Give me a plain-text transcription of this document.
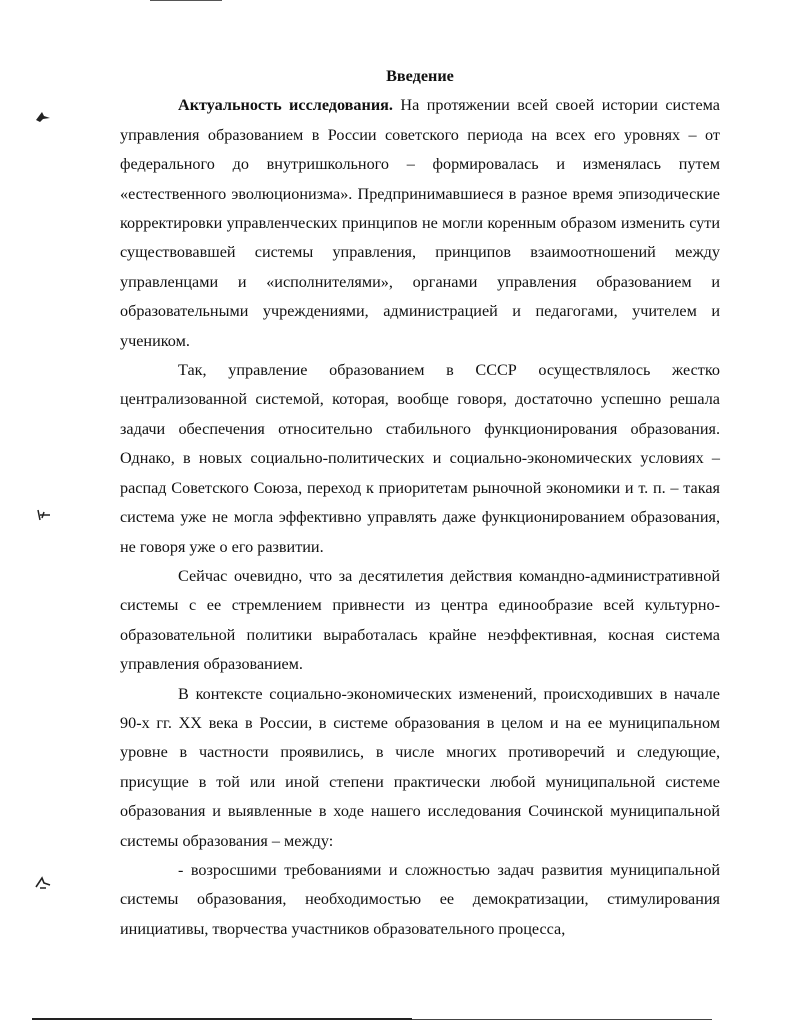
Введение

Актуальность исследования. На протяжении всей своей истории система управления образованием в России советского периода на всех его уровнях – от федерального до внутришкольного – формировалась и изменялась путем «естественного эволюционизма». Предпринимавшиеся в разное время эпизодические корректировки управленческих принципов не могли коренным образом изменить сути существовавшей системы управления, принципов взаимоотношений между управленцами и «исполнителями», органами управления образованием и образовательными учреждениями, администрацией и педагогами, учителем и учеником.

Так, управление образованием в СССР осуществлялось жестко централизованной системой, которая, вообще говоря, достаточно успешно решала задачи обеспечения относительно стабильного функционирования образования. Однако, в новых социально-политических и социально-экономических условиях – распад Советского Союза, переход к приоритетам рыночной экономики и т. п. – такая система уже не могла эффективно управлять даже функционированием образования, не говоря уже о его развитии.

Сейчас очевидно, что за десятилетия действия командно-административной системы с ее стремлением привнести из центра единообразие всей культурно-образовательной политики выработалась крайне неэффективная, косная система управления образованием.

В контексте социально-экономических изменений, происходивших в начале 90-х гг. XX века в России, в системе образования в целом и на ее муниципальном уровне в частности проявились, в числе многих противоречий и следующие, присущие в той или иной степени практически любой муниципальной системе образования и выявленные в ходе нашего исследования Сочинской муниципальной системы образования – между:

- возросшими требованиями и сложностью задач развития муниципальной системы образования, необходимостью ее демократизации, стимулирования инициативы, творчества участников образовательного процесса,
